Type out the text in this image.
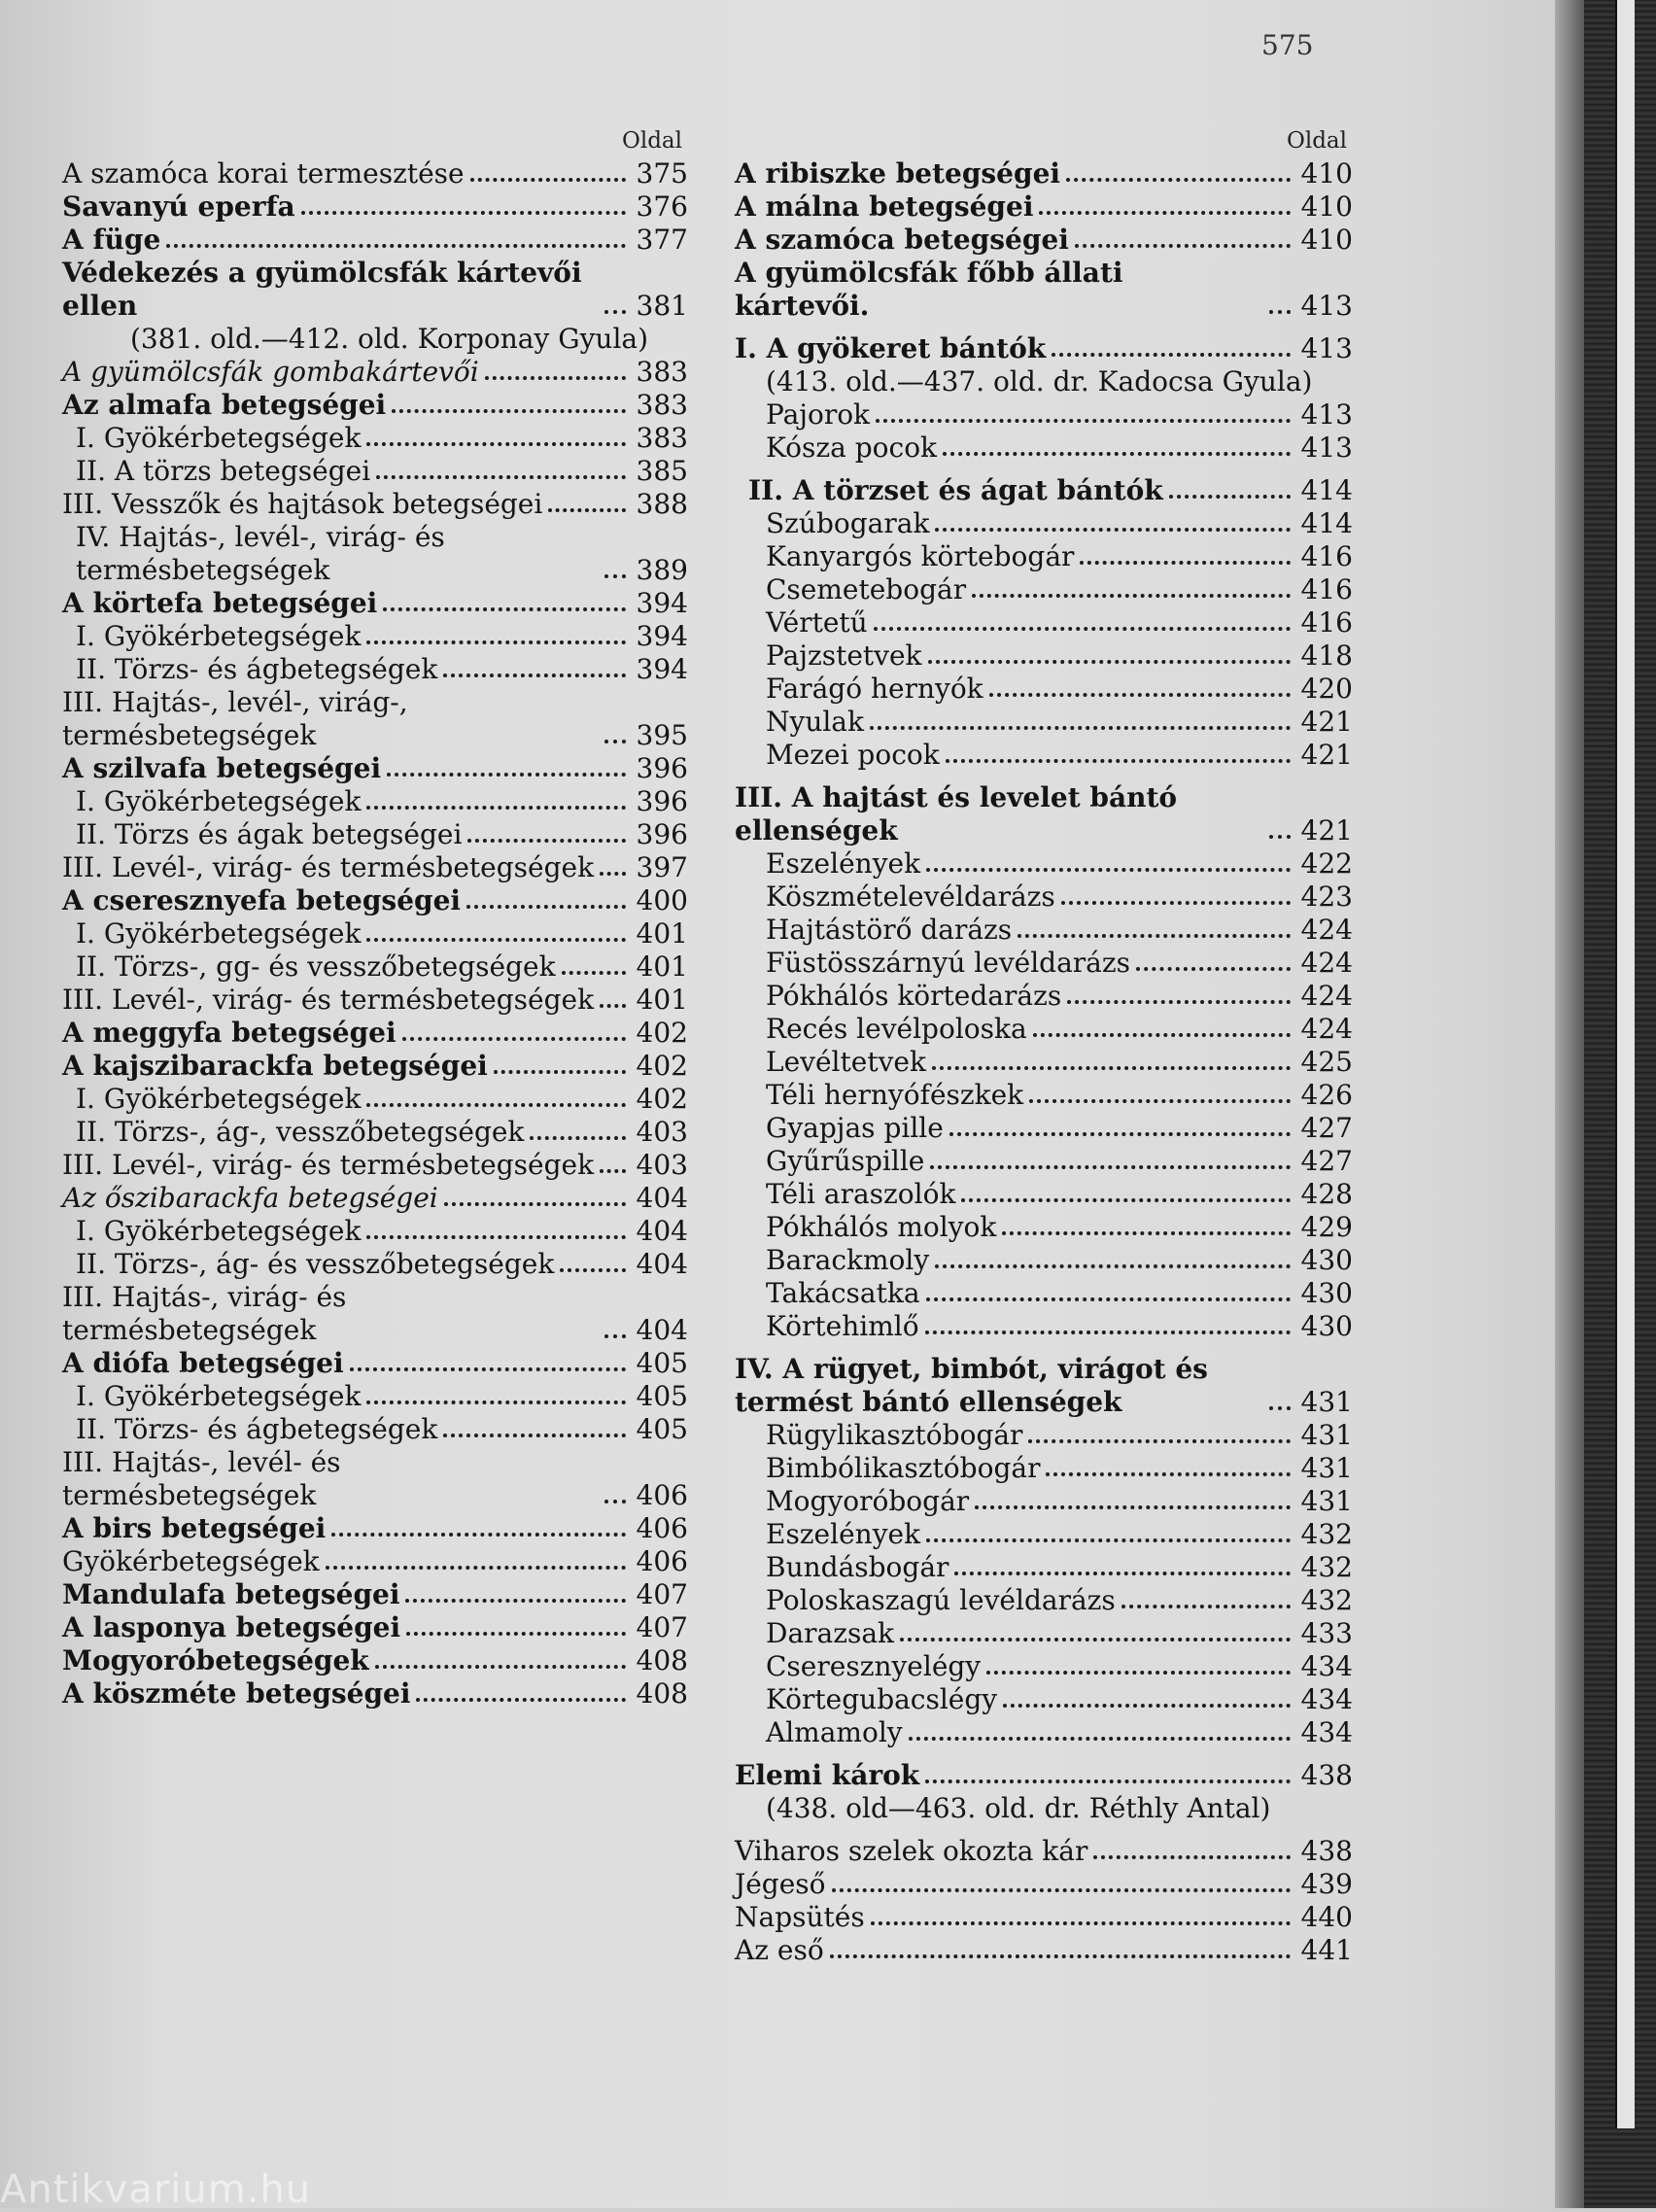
575
Oldal
A szamóca korai termesztése	375
Savanyú eperfa	376
A füge	377
Védekezés a gyümölcsfák kártevői ellen	381
(381. old.—412. old. Korponay Gyula)
A gyümölcsfák gombakártevői	383
Az almafa betegségei	383
I. Gyökérbetegségek	383
II. A törzs betegségei	385
III. Vesszők és hajtások betegségei	388
IV. Hajtás-, levél-, virág- és termésbetegségek	389
A körtefa betegségei	394
I. Gyökérbetegségek	394
II. Törzs- és ágbetegségek	394
III. Hajtás-, levél-, virág-, termésbetegségek	395
A szilvafa betegségei	396
I. Gyökérbetegségek	396
II. Törzs és ágak betegségei	396
III. Levél-, virág- és termésbetegségek 397
A cseresznyefa betegségei	400
I. Gyökérbetegségek	401
II. Törzs-, gg- és vesszőbetegségek	401
III. Levél-, virág- és termésbetegségek 401
A meggyfa betegségei	402
A kajszibarackfa betegségei	402
I. Gyökérbetegségek	402
II. Törzs-, ág-, vesszőbetegségek	403
III. Levél-, virág- és termésbetegségek 403
Az őszibarackfa betegségei	404
I. Gyökérbetegségek	404
II. Törzs-, ág- és vesszőbetegségek	404
III. Hajtás-, virág- és termésbetegségek	404
A diófa betegségei	405
I. Gyökérbetegségek	405
II. Törzs- és ágbetegségek	405
III. Hajtás-, levél- és termésbetegségek	406
A birs betegségei	406
Gyökérbetegségek	406
Mandulafa betegségei	407
A lasponya betegségei	407
Mogyoróbetegségek	408
A köszméte betegségei	408
Oldal
A ribiszke betegségei	410
A málna betegségei	410
A szamóca betegségei	410
A gyümölcsfák főbb állati kártevői.	413
I. A gyökeret bántók	413
(413. old.—437. old. dr. Kadocsa Gyula)
Pajorok	413
Kósza pocok	413
II. A törzset és ágat bántók	414
Szúbogarak	414
Kanyargós körtebogár	416
Csemetebogár	416
Vértetű	416
Pajzstetvek	418
Farágó hernyók	420
Nyulak	421
Mezei pocok	421
III. A hajtást és levelet bántó ellenségek	421
Eszelények	422
Köszmételevéldarázs	423
Hajtástörő darázs	424
Füstösszárnyú levéldarázs	424
Pókhálós körtedarázs	424
Recés levélpoloska	424
Levéltetvek	425
Téli hernyófészkek	426
Gyapjas pille	427
Gyűrűspille	427
Téli araszolók	428
Pókhálós molyok	429
Barackmoly	430
Takácsatka	430
Körtehimlő	430
IV. A rügyet, bimbót, virágot és termést bántó ellenségek	431
Rügylikasztóbogár	431
Bimbólikasztóbogár	431
Mogyoróbogár	431
Eszelények	432
Bundásbogár	432
Poloskaszagú levéldarázs	432
Darazsak	433
Cseresznyelégy	434
Körtegubacslégy	434
Almamoly	434
Elemi károk	438
(438. old—463. old. dr. Réthly Antal)
Viharos szelek okozta kár	438
Jégeső	439
Napsütés	440
Az eső	441
Antikvarium.hu
